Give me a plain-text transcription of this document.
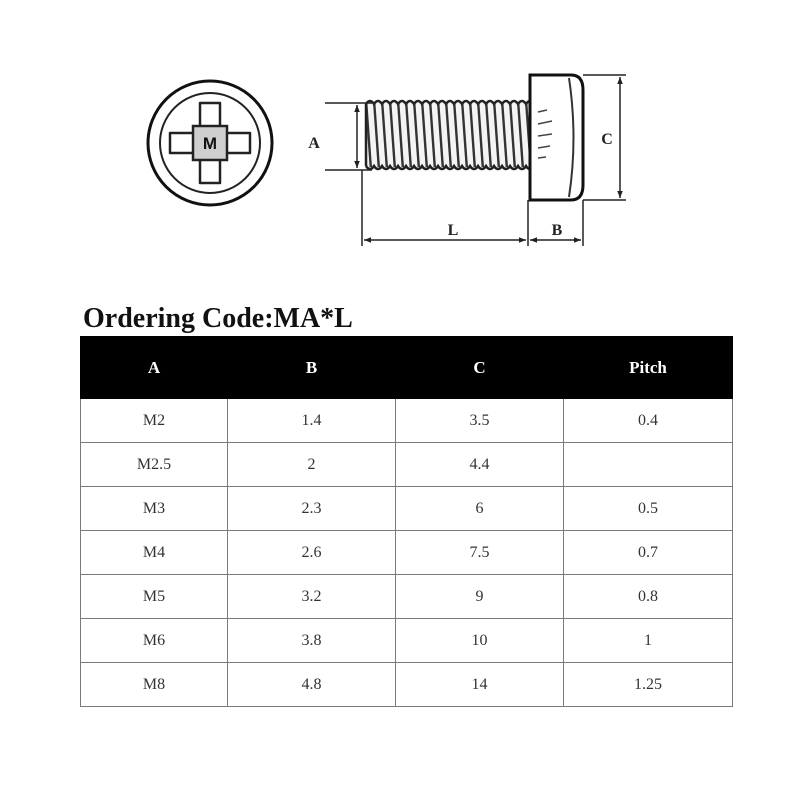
M	A	C
L	B
Ordering Code:MA*L
A	B	C	Pitch
M2	1.4	3.5	0.4
M2.5	2	4.4	
M3	2.3	6	0.5
M4	2.6	7.5	0.7
M5	3.2	9	0.8
M6	3.8	10	1
M8	4.8	14	1.25
